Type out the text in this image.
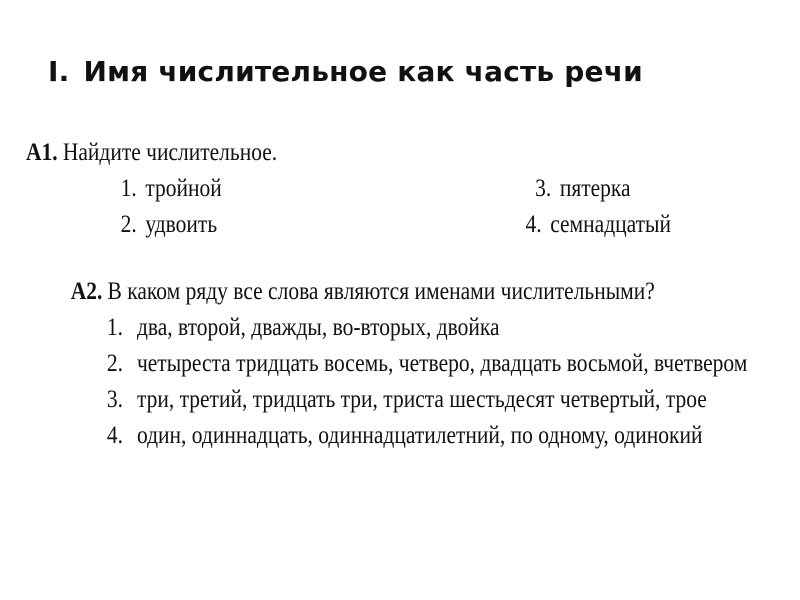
I. Имя числительное как часть речи
А1. Найдите числительное.
1. тройной	3. пятерка
2. удвоить	4. семнадцатый
А2. В каком ряду все слова являются именами числительными?
1. два, второй, дважды, во-вторых, двойка
2. четыреста тридцать восемь, четверо, двадцать восьмой, вчетвером
3. три, третий, тридцать три, триста шестьдесят четвертый, трое
4. один, одиннадцать, одиннадцатилетний, по одному, одинокий
